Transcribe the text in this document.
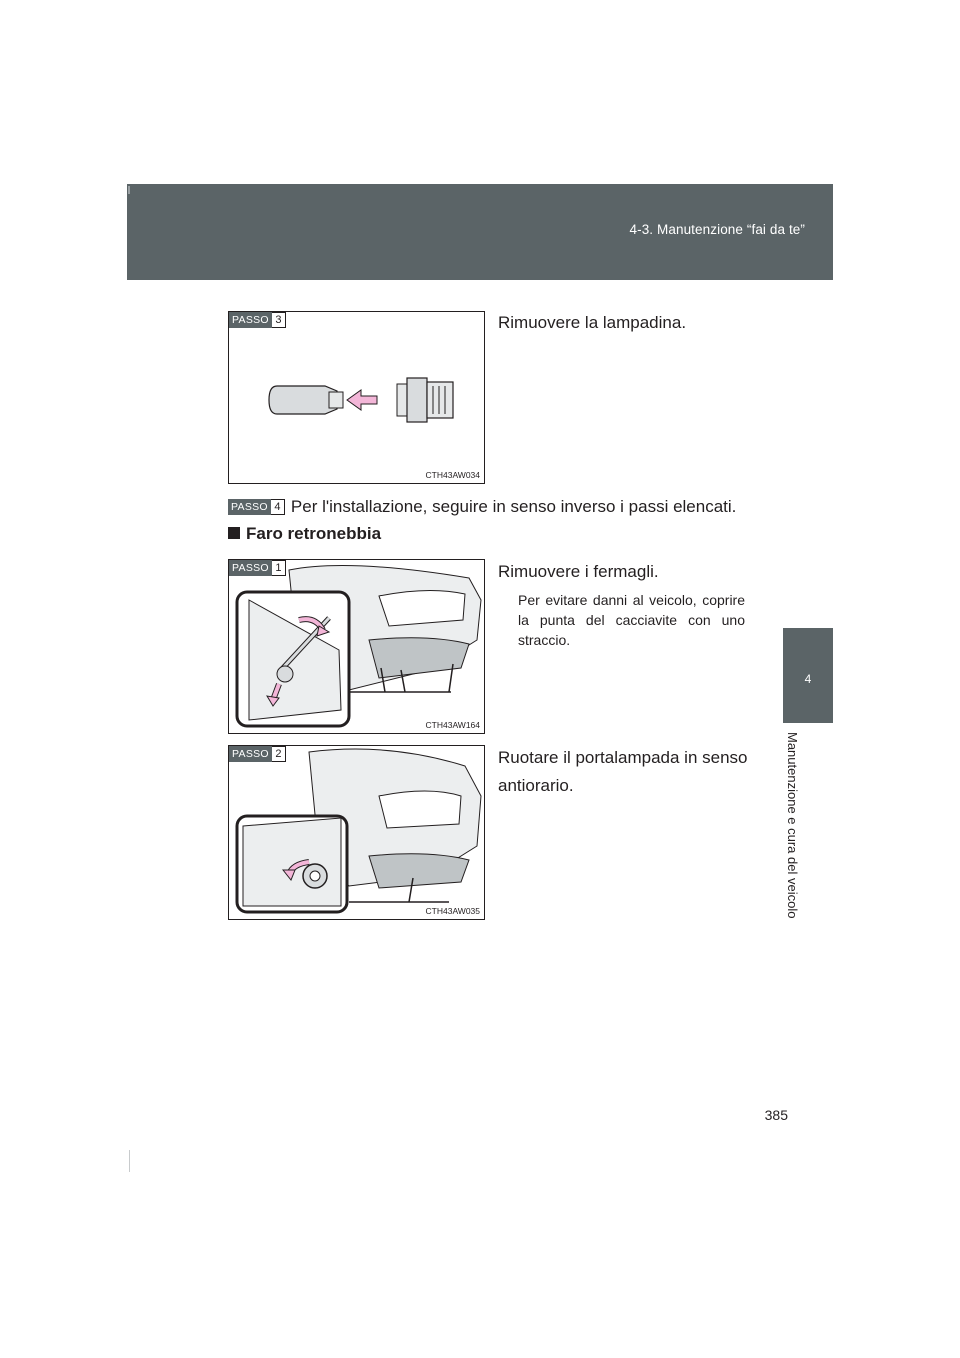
4-3. Manutenzione “fai da te”
4
Manutenzione e cura del veicolo
PASSO 3
CTH43AW034
Rimuovere la lampadina.
PASSO 4 Per l'installazione, seguire in senso inverso i passi elencati.
Faro retronebbia
PASSO 1
CTH43AW164
Rimuovere i fermagli.
Per evitare danni al veicolo, coprire la punta del cacciavite con uno straccio.
PASSO 2
CTH43AW035
Ruotare il portalampada in senso antiorario.
385
